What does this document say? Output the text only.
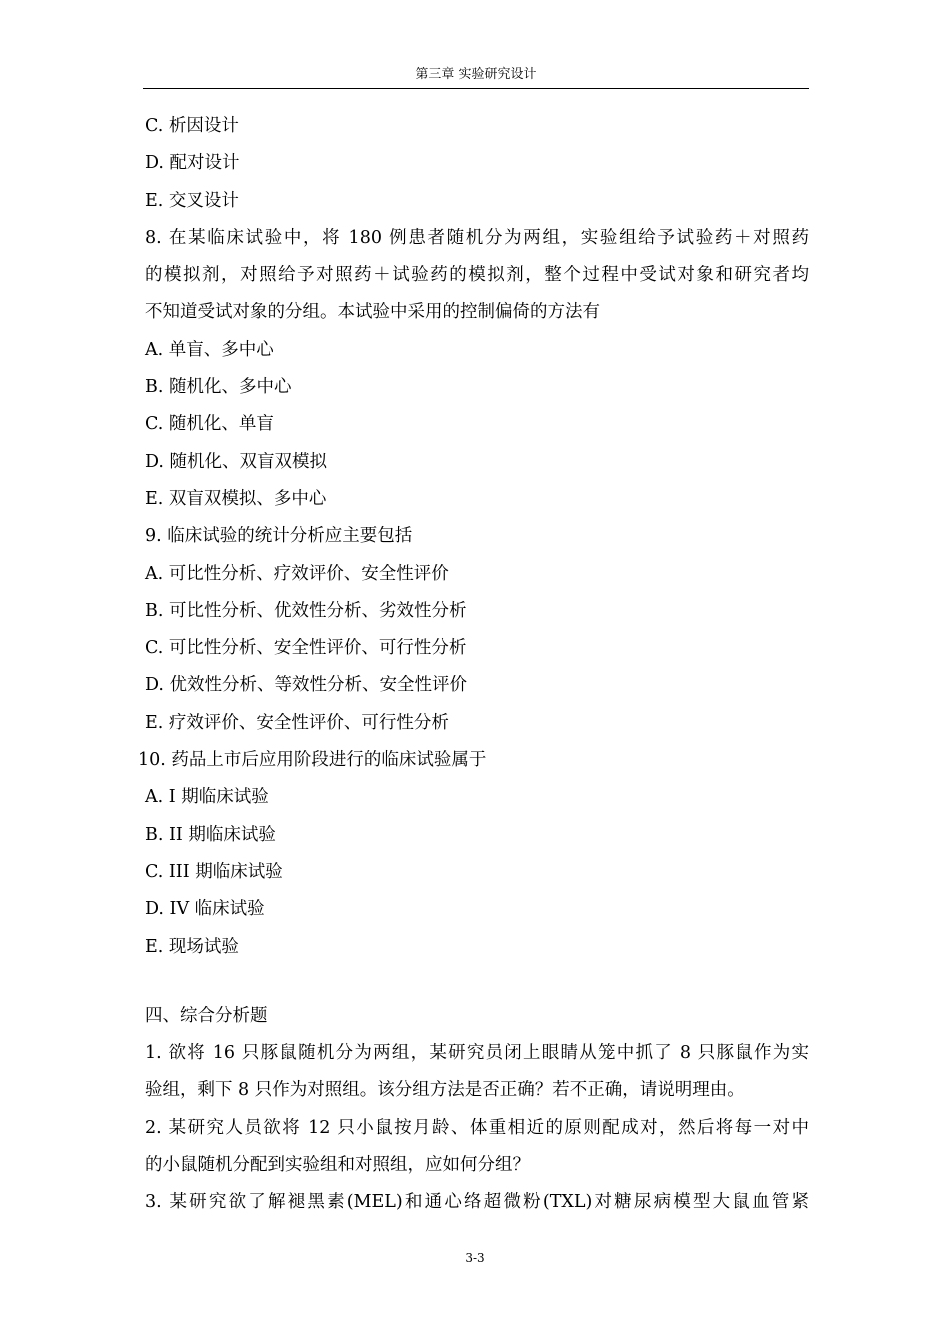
第三章 实验研究设计
C. 析因设计
D. 配对设计
E. 交叉设计
8. 在某临床试验中，将 180 例患者随机分为两组，实验组给予试验药＋对照药
的模拟剂，对照给予对照药＋试验药的模拟剂，整个过程中受试对象和研究者均
不知道受试对象的分组。本试验中采用的控制偏倚的方法有
A. 单盲、多中心
B. 随机化、多中心
C. 随机化、单盲
D. 随机化、双盲双模拟
E. 双盲双模拟、多中心
9. 临床试验的统计分析应主要包括
A. 可比性分析、疗效评价、安全性评价
B. 可比性分析、优效性分析、劣效性分析
C. 可比性分析、安全性评价、可行性分析
D. 优效性分析、等效性分析、安全性评价
E. 疗效评价、安全性评价、可行性分析
10. 药品上市后应用阶段进行的临床试验属于
A. I 期临床试验
B. II 期临床试验
C. III 期临床试验
D. IV 临床试验
E. 现场试验
四、综合分析题
1. 欲将 16 只豚鼠随机分为两组，某研究员闭上眼睛从笼中抓了 8 只豚鼠作为实
验组，剩下 8 只作为对照组。该分组方法是否正确？若不正确，请说明理由。
2. 某研究人员欲将 12 只小鼠按月龄、体重相近的原则配成对，然后将每一对中
的小鼠随机分配到实验组和对照组，应如何分组？
3. 某研究欲了解褪黑素(MEL)和通心络超微粉(TXL)对糖尿病模型大鼠血管紧
3-3
